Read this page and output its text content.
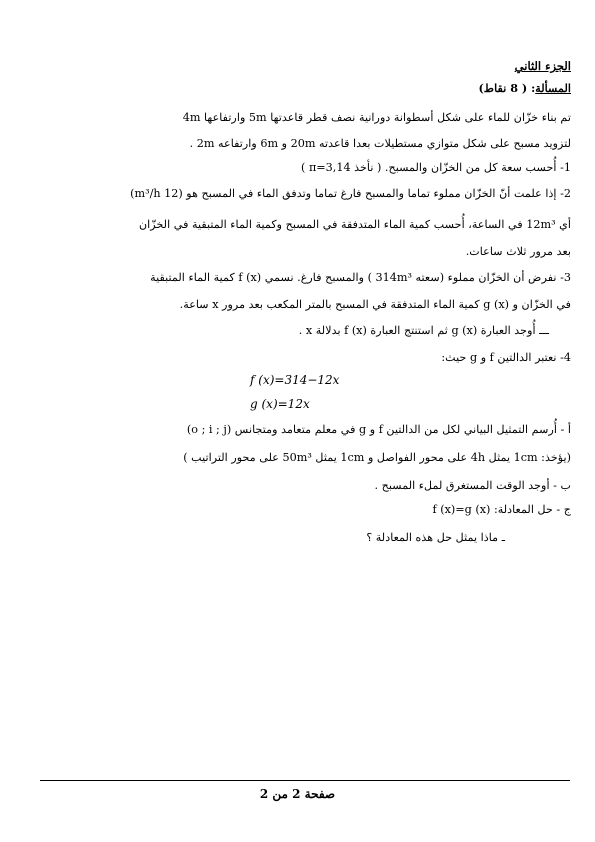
الجزء الثاني
المسألة: ( 8 نقاط)
تم بناء خزّان للماء على شكل أسطوانة دورانية نصف قطر قاعدتها 5m وارتفاعها 4m
لتزويد مسبح على شكل متوازي مستطيلات بعدا قاعدته 20m و 6m وارتفاعه 2m .
1- أُحسب سعة كل من الخزّان والمسبح. ( نأخذ π=3,14 )
2- إذا علمت أنّ الخزّان مملوء تماما والمسبح فارغ تماما وتدفق الماء في المسبح هو (12 m³/h)
أي 12m³ في الساعة، أُحسب كمية الماء المتدفقة في المسبح وكمية الماء المتبقية في الخزّان
بعد مرور ثلاث ساعات.
3- نفرض أن الخزّان مملوء (سعته 314m³ ) والمسبح فارغ. نسمي f (x) كمية الماء المتبقية
في الخزّان و g (x) كمية الماء المتدفقة في المسبح بالمتر المكعب بعد مرور x ساعة.
ـــ أُوجد العبارة g (x) ثم استنتج العبارة f (x) بدلالة x .
4- نعتبر الدالتين f و g حيث:
f (x)=314−12x
g (x)=12x
أ - أُرسم التمثيل البياني لكل من الدالتين f و g في معلم متعامد ومتجانس (o ; i ; j)
(يؤخذ: 1cm يمثل 4h على محور الفواصل و 1cm يمثل 50m³ على محور التراتيب )
ب - أوجد الوقت المستغرق لملء المسبح .
ج - حل المعادلة: f (x)=g (x)
ـ ماذا يمثل حل هذه المعادلة ؟
صفحة 2 من 2
